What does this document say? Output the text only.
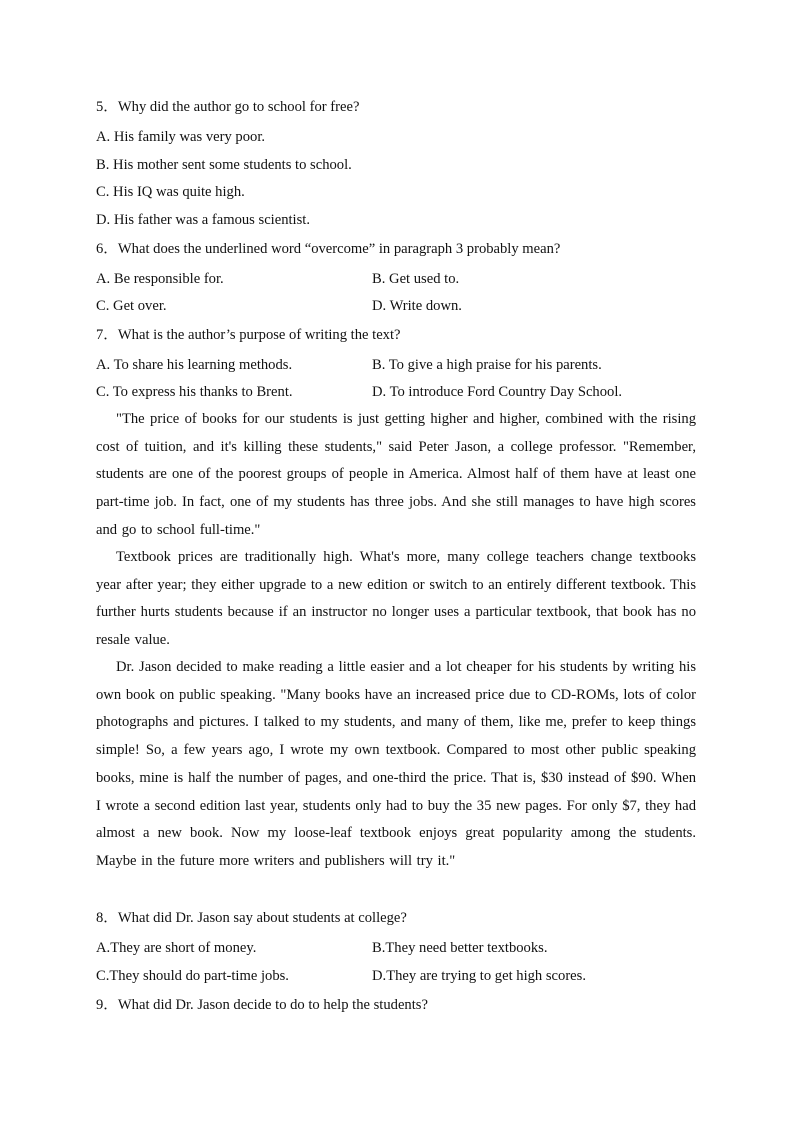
5．Why did the author go to school for free?
A. His family was very poor.
B. His mother sent some students to school.
C. His IQ was quite high.
D. His father was a famous scientist.
6．What does the underlined word “overcome” in paragraph 3 probably mean?
A. Be responsible for.	B. Get used to.
C. Get over.	D. Write down.
7．What is the author’s purpose of writing the text?
A. To share his learning methods.	B. To give a high praise for his parents.
C. To express his thanks to Brent.	D. To introduce Ford Country Day School.

"The price of books for our students is just getting higher and higher, combined with the rising cost of tuition, and it's killing these students," said Peter Jason, a college professor. "Remember, students are one of the poorest groups of people in America. Almost half of them have at least one part-time job. In fact, one of my students has three jobs. And she still manages to have high scores and go to school full-time."

Textbook prices are traditionally high. What's more, many college teachers change textbooks year after year; they either upgrade to a new edition or switch to an entirely different textbook. This further hurts students because if an instructor no longer uses a particular textbook, that book has no resale value.

Dr. Jason decided to make reading a little easier and a lot cheaper for his students by writing his own book on public speaking. "Many books have an increased price due to CD-ROMs, lots of color photographs and pictures. I talked to my students, and many of them, like me, prefer to keep things simple! So, a few years ago, I wrote my own textbook. Compared to most other public speaking books, mine is half the number of pages, and one-third the price. That is, $30 instead of $90. When I wrote a second edition last year, students only had to buy the 35 new pages. For only $7, they had almost a new book. Now my loose-leaf textbook enjoys great popularity among the students. Maybe in the future more writers and publishers will try it."

8．What did Dr. Jason say about students at college?
A.They are short of money.	B.They need better textbooks.
C.They should do part-time jobs.	D.They are trying to get high scores.
9．What did Dr. Jason decide to do to help the students?
